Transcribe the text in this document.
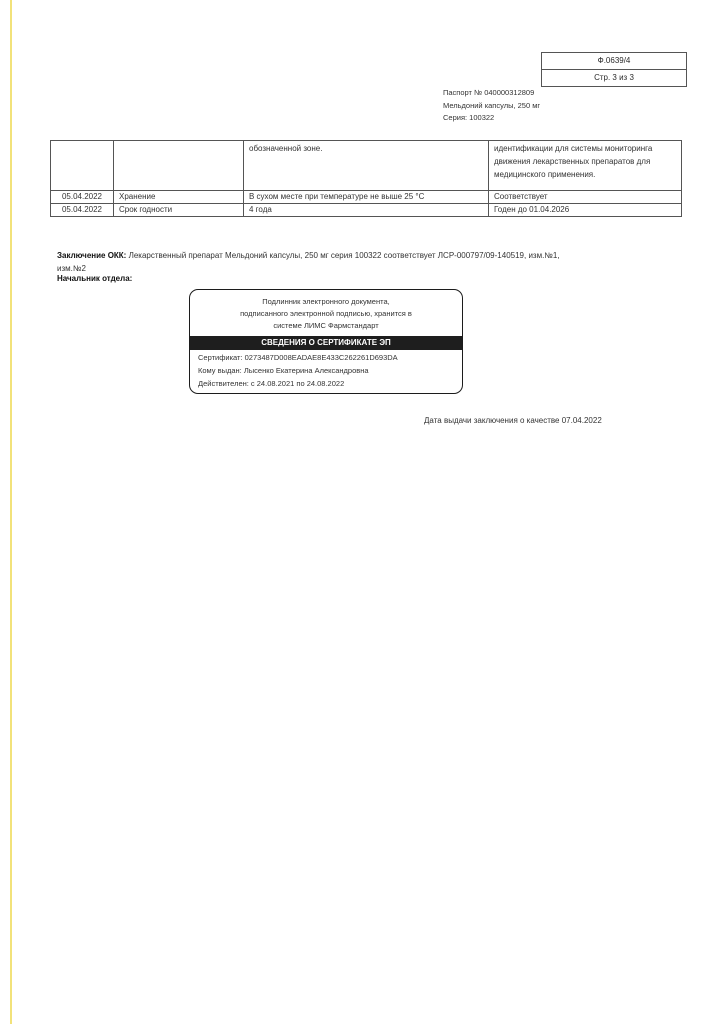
Ф.0639/4
Стр. 3 из 3
Паспорт № 040000312809
Мельдоний капсулы, 250 мг
Серия: 100322
		обозначенной зоне.	идентификации для системы мониторинга движения лекарственных препаратов для медицинского применения.
05.04.2022	Хранение	В сухом месте при температуре не выше 25 °С	Соответствует
05.04.2022	Срок годности	4 года	Годен до 01.04.2026
Заключение ОКК: Лекарственный препарат Мельдоний капсулы, 250 мг серия 100322 соответствует ЛСР-000797/09-140519, изм.№1, изм.№2
Начальник отдела:
Подлинник электронного документа,
подписанного электронной подписью, хранится в
системе ЛИМС Фармстандарт
СВЕДЕНИЯ О СЕРТИФИКАТЕ ЭП
Сертификат: 0273487D008EADAE8E433C262261D693DA
Кому выдан: Лысенко Екатерина Александровна
Действителен: с 24.08.2021 по 24.08.2022
Дата выдачи заключения о качестве 07.04.2022
